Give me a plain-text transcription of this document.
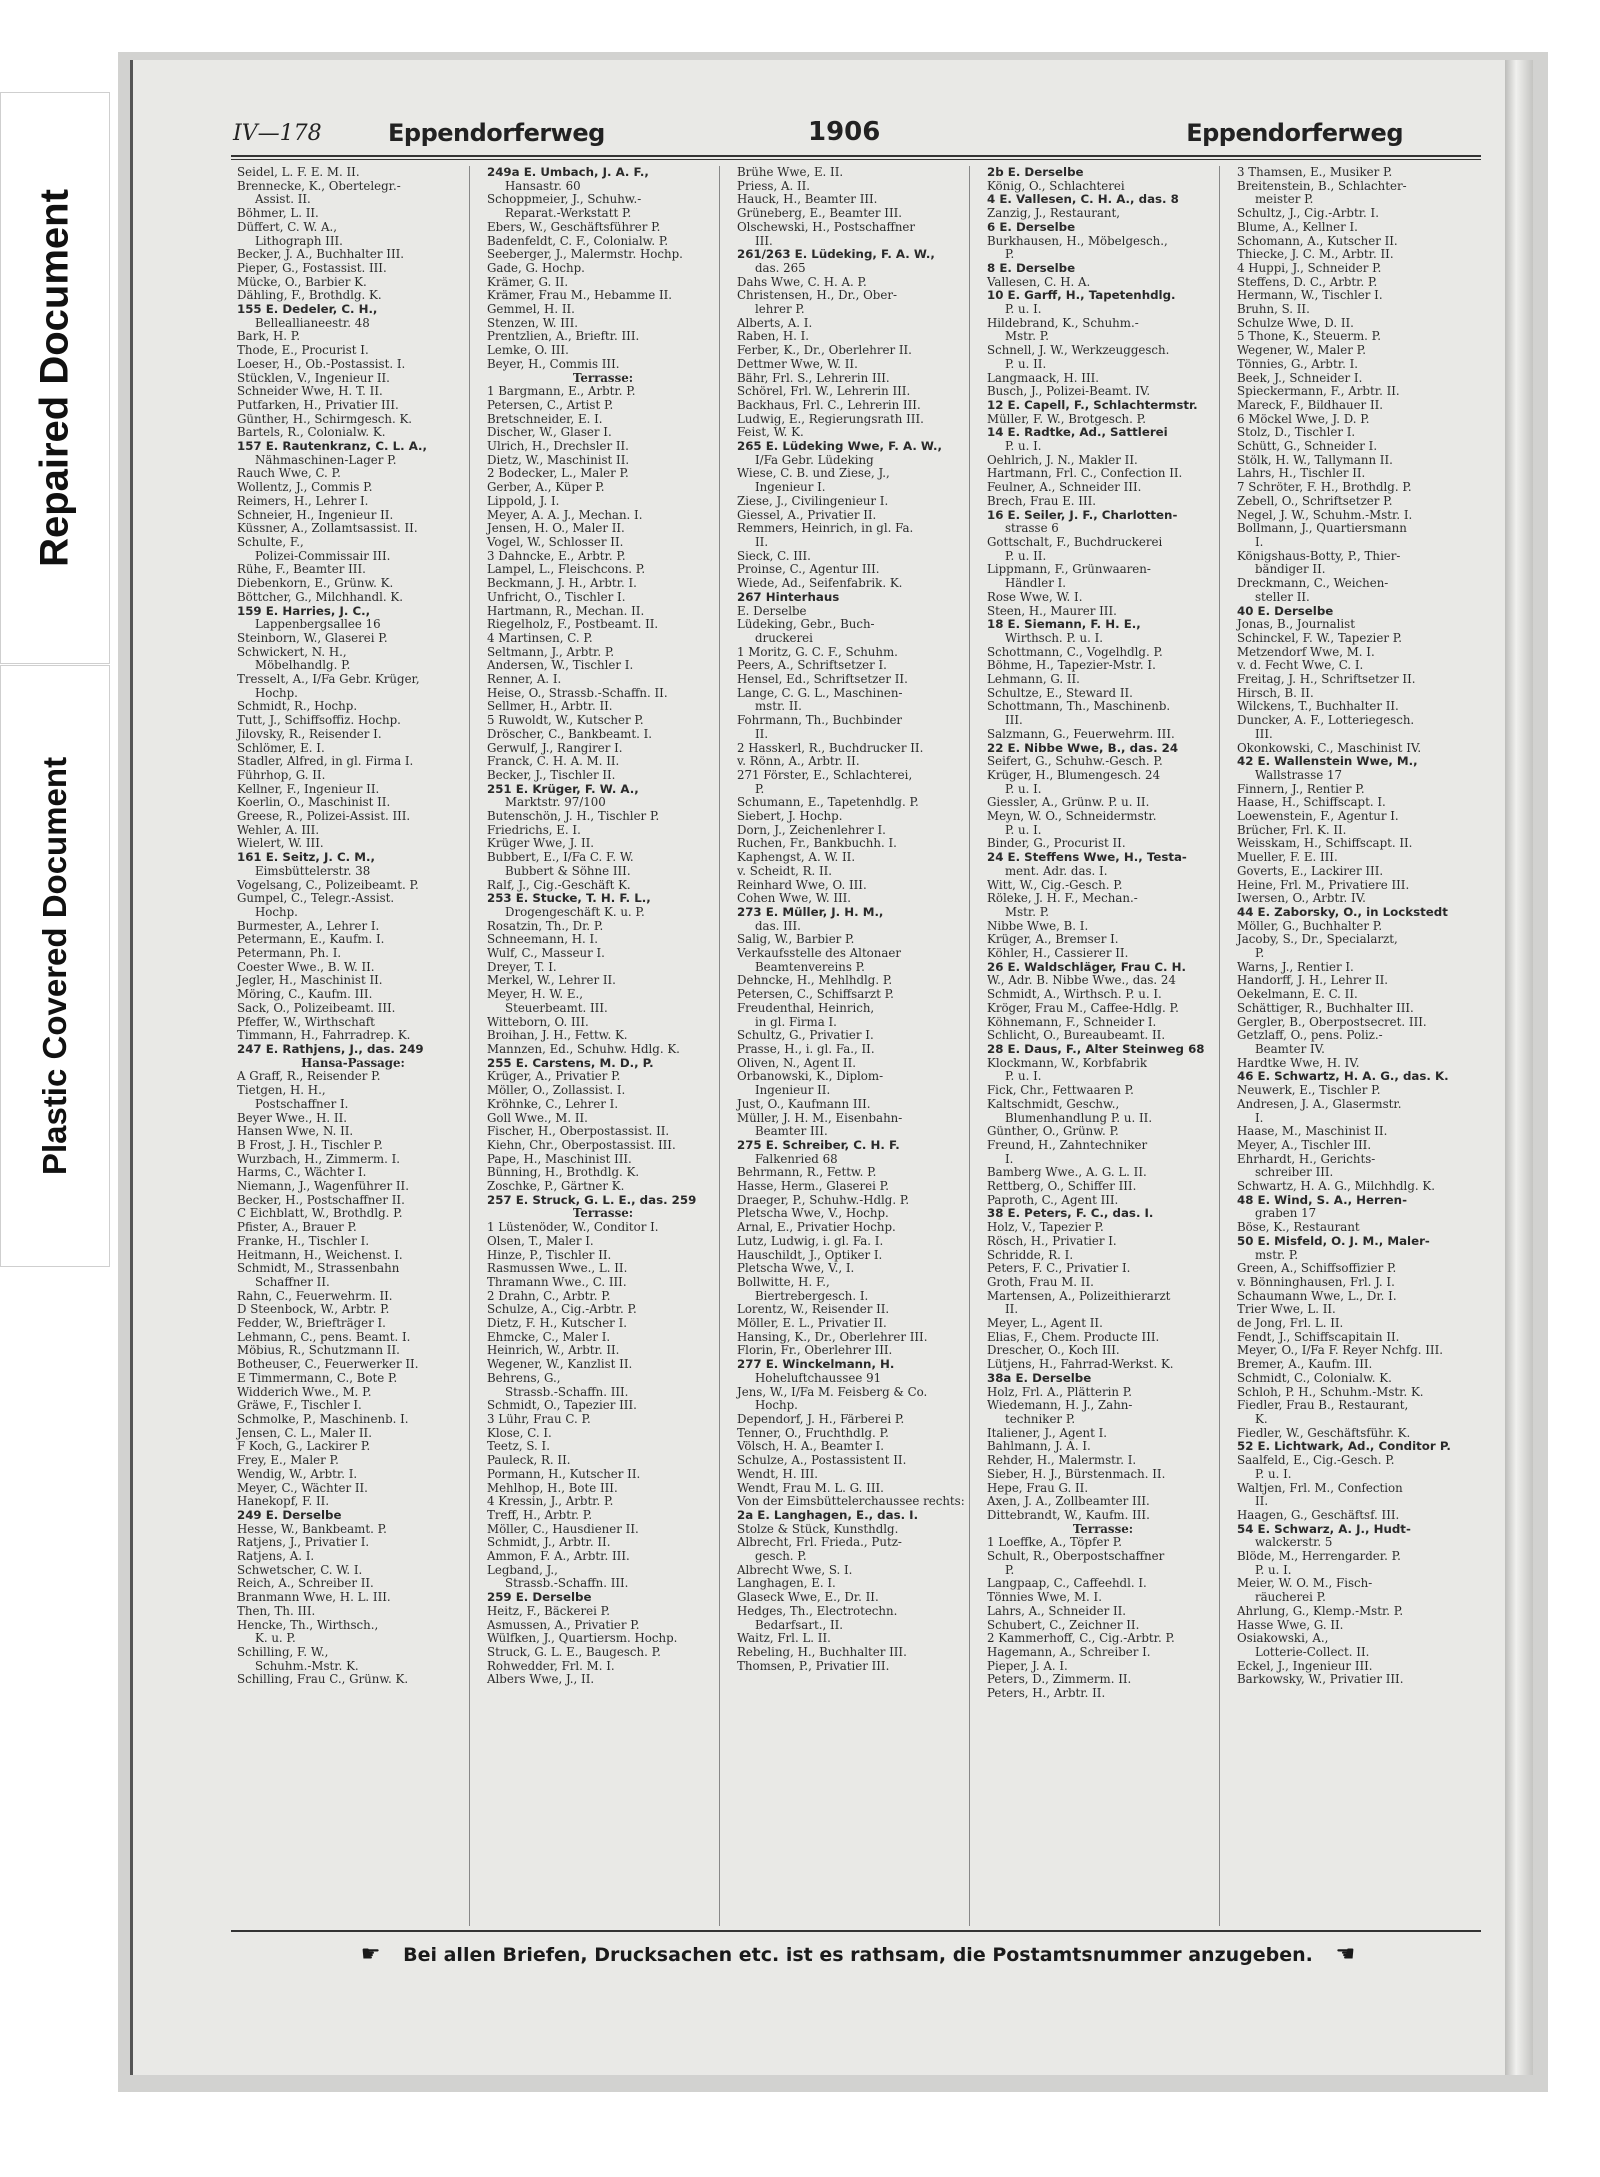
Repaired Document
Plastic Covered Document
IV—178	Eppendorferweg	1906	Eppendorferweg
Seidel, L. F. E. M. II.
Brennecke, K., Obertelegr.-
Assist. II.
Böhmer, L. II.
Düffert, C. W. A.,
Lithograph III.
Becker, J. A., Buchhalter III.
Pieper, G., Fostassist. III.
Mücke, O., Barbier K.
Dähling, F., Brothdlg. K.
155 E. Dedeler, C. H.,
Belleallianeestr. 48
Bark, H. P.
Thode, E., Procurist I.
Loeser, H., Ob.-Postassist. I.
Stücklen, V., Ingenieur II.
Schneider Wwe, H. T. II.
Putfarken, H., Privatier III.
Günther, H., Schirmgesch. K.
Bartels, R., Colonialw. K.
157 E. Rautenkranz, C. L. A.,
Nähmaschinen-Lager P.
Rauch Wwe, C. P.
Wollentz, J., Commis P.
Reimers, H., Lehrer I.
Schneier, H., Ingenieur II.
Küssner, A., Zollamtsassist. II.
Schulte, F.,
Polizei-Commissair III.
Rühe, F., Beamter III.
Diebenkorn, E., Grünw. K.
Böttcher, G., Milchhandl. K.
159 E. Harries, J. C.,
Lappenbergsallee 16
Steinborn, W., Glaserei P.
Schwickert, N. H.,
Möbelhandlg. P.
Tresselt, A., I/Fa Gebr. Krüger,
Hochp.
Schmidt, R., Hochp.
Tutt, J., Schiffsoffiz. Hochp.
Jilovsky, R., Reisender I.
Schlömer, E. I.
Stadler, Alfred, in gl. Firma I.
Führhop, G. II.
Kellner, F., Ingenieur II.
Koerlin, O., Maschinist II.
Greese, R., Polizei-Assist. III.
Wehler, A. III.
Wielert, W. III.
161 E. Seitz, J. C. M.,
Eimsbüttelerstr. 38
Vogelsang, C., Polizeibeamt. P.
Gumpel, C., Telegr.-Assist.
Hochp.
Burmester, A., Lehrer I.
Petermann, E., Kaufm. I.
Petermann, Ph. I.
Coester Wwe., B. W. II.
Jegler, H., Maschinist II.
Möring, C., Kaufm. III.
Sack, O., Polizeibeamt. III.
Pfeffer, W., Wirthschaft
Timmann, H., Fahrradrep. K.
247 E. Rathjens, J., das. 249
Hansa-Passage:
A Graff, R., Reisender P.
Tietgen, H. H.,
Postschaffner I.
Beyer Wwe., H. II.
Hansen Wwe, N. II.
B Frost, J. H., Tischler P.
Wurzbach, H., Zimmerm. I.
Harms, C., Wächter I.
Niemann, J., Wagenführer II.
Becker, H., Postschaffner II.
C Eichblatt, W., Brothdlg. P.
Pfister, A., Brauer P.
Franke, H., Tischler I.
Heitmann, H., Weichenst. I.
Schmidt, M., Strassenbahn
Schaffner II.
Rahn, C., Feuerwehrm. II.
D Steenbock, W., Arbtr. P.
Fedder, W., Briefträger I.
Lehmann, C., pens. Beamt. I.
Möbius, R., Schutzmann II.
Botheuser, C., Feuerwerker II.
E Timmermann, C., Bote P.
Widderich Wwe., M. P.
Gräwe, F., Tischler I.
Schmolke, P., Maschinenb. I.
Jensen, C. L., Maler II.
F Koch, G., Lackirer P.
Frey, E., Maler P.
Wendig, W., Arbtr. I.
Meyer, C., Wächter II.
Hanekopf, F. II.
249 E. Derselbe
Hesse, W., Bankbeamt. P.
Ratjens, J., Privatier I.
Ratjens, A. I.
Schwetscher, C. W. I.
Reich, A., Schreiber II.
Branmann Wwe, H. L. III.
Then, Th. III.
Hencke, Th., Wirthsch.,
K. u. P.
Schilling, F. W.,
Schuhm.-Mstr. K.
Schilling, Frau C., Grünw. K.
249a E. Umbach, J. A. F.,
Hansastr. 60
Schoppmeier, J., Schuhw.-
Reparat.-Werkstatt P.
Ebers, W., Geschäftsführer P.
Badenfeldt, C. F., Colonialw. P.
Seeberger, J., Malermstr. Hochp.
Gade, G. Hochp.
Krämer, G. II.
Krämer, Frau M., Hebamme II.
Gemmel, H. II.
Stenzen, W. III.
Prentzlien, A., Brieftr. III.
Lemke, O. III.
Beyer, H., Commis III.
Terrasse:
1 Bargmann, E., Arbtr. P.
Petersen, C., Artist P.
Bretschneider, E. I.
Discher, W., Glaser I.
Ulrich, H., Drechsler II.
Dietz, W., Maschinist II.
2 Bodecker, L., Maler P.
Gerber, A., Küper P.
Lippold, J. I.
Meyer, A. A. J., Mechan. I.
Jensen, H. O., Maler II.
Vogel, W., Schlosser II.
3 Dahncke, E., Arbtr. P.
Lampel, L., Fleischcons. P.
Beckmann, J. H., Arbtr. I.
Unfricht, O., Tischler I.
Hartmann, R., Mechan. II.
Riegelholz, F., Postbeamt. II.
4 Martinsen, C. P.
Seltmann, J., Arbtr. P.
Andersen, W., Tischler I.
Renner, A. I.
Heise, O., Strassb.-Schaffn. II.
Sellmer, H., Arbtr. II.
5 Ruwoldt, W., Kutscher P.
Dröscher, C., Bankbeamt. I.
Gerwulf, J., Rangirer I.
Franck, C. H. A. M. II.
Becker, J., Tischler II.
251 E. Krüger, F. W. A.,
Marktstr. 97/100
Butenschön, J. H., Tischler P.
Friedrichs, E. I.
Krüger Wwe, J. II.
Bubbert, E., I/Fa C. F. W.
Bubbert & Söhne III.
Ralf, J., Cig.-Geschäft K.
253 E. Stucke, T. H. F. L.,
Drogengeschäft K. u. P.
Rosatzin, Th., Dr. P.
Schneemann, H. I.
Wulf, C., Masseur I.
Dreyer, T. I.
Merkel, W., Lehrer II.
Meyer, H. W. E.,
Steuerbeamt. III.
Witteborn, O. III.
Broihan, J. H., Fettw. K.
Mannzen, Ed., Schuhw. Hdlg. K.
255 E. Carstens, M. D., P.
Krüger, A., Privatier P.
Möller, O., Zollassist. I.
Kröhnke, C., Lehrer I.
Goll Wwe., M. II.
Fischer, H., Oberpostassist. II.
Kiehn, Chr., Oberpostassist. III.
Pape, H., Maschinist III.
Bünning, H., Brothdlg. K.
Zoschke, P., Gärtner K.
257 E. Struck, G. L. E., das. 259
Terrasse:
1 Lüstenöder, W., Conditor I.
Olsen, T., Maler I.
Hinze, P., Tischler II.
Rasmussen Wwe., L. II.
Thramann Wwe., C. III.
2 Drahn, C., Arbtr. P.
Schulze, A., Cig.-Arbtr. P.
Dietz, F. H., Kutscher I.
Ehmcke, C., Maler I.
Heinrich, W., Arbtr. II.
Wegener, W., Kanzlist II.
Behrens, G.,
Strassb.-Schaffn. III.
Schmidt, O., Tapezier III.
3 Lühr, Frau C. P.
Klose, C. I.
Teetz, S. I.
Pauleck, R. II.
Pormann, H., Kutscher II.
Mehlhop, H., Bote III.
4 Kressin, J., Arbtr. P.
Treff, H., Arbtr. P.
Möller, C., Hausdiener II.
Schmidt, J., Arbtr. II.
Ammon, F. A., Arbtr. III.
Legband, J.,
Strassb.-Schaffn. III.
259 E. Derselbe
Heitz, F., Bäckerei P.
Asmussen, A., Privatier P.
Wülfken, J., Quartiersm. Hochp.
Struck, G. L. E., Baugesch. P.
Rohwedder, Frl. M. I.
Albers Wwe, J., II.
Brühe Wwe, E. II.
Priess, A. II.
Hauck, H., Beamter III.
Grüneberg, E., Beamter III.
Olschewski, H., Postschaffner
III.
261/263 E. Lüdeking, F. A. W.,
das. 265
Dahs Wwe, C. H. A. P.
Christensen, H., Dr., Ober-
lehrer P.
Alberts, A. I.
Raben, H. I.
Ferber, K., Dr., Oberlehrer II.
Dettmer Wwe, W. II.
Bähr, Frl. S., Lehrerin III.
Schörel, Frl. W., Lehrerin III.
Backhaus, Frl. C., Lehrerin III.
Ludwig, E., Regierungsrath III.
Feist, W. K.
265 E. Lüdeking Wwe, F. A. W.,
I/Fa Gebr. Lüdeking
Wiese, C. B. und Ziese, J.,
Ingenieur I.
Ziese, J., Civilingenieur I.
Giessel, A., Privatier II.
Remmers, Heinrich, in gl. Fa.
II.
Sieck, C. III.
Proinse, C., Agentur III.
Wiede, Ad., Seifenfabrik. K.
267 Hinterhaus
E. Derselbe
Lüdeking, Gebr., Buch-
druckerei
1 Moritz, G. C. F., Schuhm.
Peers, A., Schriftsetzer I.
Hensel, Ed., Schriftsetzer II.
Lange, C. G. L., Maschinen-
mstr. II.
Fohrmann, Th., Buchbinder
II.
2 Hasskerl, R., Buchdrucker II.
v. Rönn, A., Arbtr. II.
271 Förster, E., Schlachterei,
P.
Schumann, E., Tapetenhdlg. P.
Siebert, J. Hochp.
Dorn, J., Zeichenlehrer I.
Ruchen, Fr., Bankbuchh. I.
Kaphengst, A. W. II.
v. Scheidt, R. II.
Reinhard Wwe, O. III.
Cohen Wwe, W. III.
273 E. Müller, J. H. M.,
das. III.
Salig, W., Barbier P.
Verkaufsstelle des Altonaer
Beamtenvereins P.
Dehncke, H., Mehlhdlg. P.
Petersen, C., Schiffsarzt P.
Freudenthal, Heinrich,
in gl. Firma I.
Schultz, G., Privatier I.
Prasse, H., i. gl. Fa., II.
Oliven, N., Agent II.
Orbanowski, K., Diplom-
Ingenieur II.
Just, O., Kaufmann III.
Müller, J. H. M., Eisenbahn-
Beamter III.
275 E. Schreiber, C. H. F.
Falkenried 68
Behrmann, R., Fettw. P.
Hasse, Herm., Glaserei P.
Draeger, P., Schuhw.-Hdlg. P.
Pletscha Wwe, V., Hochp.
Arnal, E., Privatier Hochp.
Lutz, Ludwig, i. gl. Fa. I.
Hauschildt, J., Optiker I.
Pletscha Wwe, V., I.
Bollwitte, H. F.,
Biertrebergesch. I.
Lorentz, W., Reisender II.
Möller, E. L., Privatier II.
Hansing, K., Dr., Oberlehrer III.
Florin, Fr., Oberlehrer III.
277 E. Winckelmann, H.
Hoheluftchaussee 91
Jens, W., I/Fa M. Feisberg & Co.
Hochp.
Dependorf, J. H., Färberei P.
Tenner, O., Fruchthdlg. P.
Völsch, H. A., Beamter I.
Schulze, A., Postassistent II.
Wendt, H. III.
Wendt, Frau M. L. G. III.
Von der Eimsbüttelerchaussee rechts:
2a E. Langhagen, E., das. I.
Stolze & Stück, Kunsthdlg.
Albrecht, Frl. Frieda., Putz-
gesch. P.
Albrecht Wwe, S. I.
Langhagen, E. I.
Glaseck Wwe, E., Dr. II.
Hedges, Th., Electrotechn.
Bedarfsart., II.
Waitz, Frl. L. II.
Rebeling, H., Buchhalter III.
Thomsen, P., Privatier III.
2b E. Derselbe
König, O., Schlachterei
4 E. Vallesen, C. H. A., das. 8
Zanzig, J., Restaurant,
6 E. Derselbe
Burkhausen, H., Möbelgesch.,
P.
8 E. Derselbe
Vallesen, C. H. A.
10 E. Garff, H., Tapetenhdlg.
P. u. I.
Hildebrand, K., Schuhm.-
Mstr. P.
Schnell, J. W., Werkzeuggesch.
P. u. II.
Langmaack, H. III.
Busch, J., Polizei-Beamt. IV.
12 E. Capell, F., Schlachtermstr.
Müller, F. W., Brotgesch. P.
14 E. Radtke, Ad., Sattlerei
P. u. I.
Oehlrich, J. N., Makler II.
Hartmann, Frl. C., Confection II.
Feulner, A., Schneider III.
Brech, Frau E. III.
16 E. Seiler, J. F., Charlotten-
strasse 6
Gottschalt, F., Buchdruckerei
P. u. II.
Lippmann, F., Grünwaaren-
Händler I.
Rose Wwe, W. I.
Steen, H., Maurer III.
18 E. Siemann, F. H. E.,
Wirthsch. P. u. I.
Schottmann, C., Vogelhdlg. P.
Böhme, H., Tapezier-Mstr. I.
Lehmann, G. II.
Schultze, E., Steward II.
Schottmann, Th., Maschinenb.
III.
Salzmann, G., Feuerwehrm. III.
22 E. Nibbe Wwe, B., das. 24
Seifert, G., Schuhw.-Gesch. P.
Krüger, H., Blumengesch. 24
P. u. I.
Giessler, A., Grünw. P. u. II.
Meyn, W. O., Schneidermstr.
P. u. I.
Binder, G., Procurist II.
24 E. Steffens Wwe, H., Testa-
ment. Adr. das. I.
Witt, W., Cig.-Gesch. P.
Röleke, J. H. F., Mechan.-
Mstr. P.
Nibbe Wwe, B. I.
Krüger, A., Bremser I.
Köhler, H., Cassierer II.
26 E. Waldschläger, Frau C. H.
W., Adr. B. Nibbe Wwe., das. 24
Schmidt, A., Wirthsch. P. u. I.
Kröger, Frau M., Caffee-Hdlg. P.
Köhnemann, F., Schneider I.
Schlicht, O., Bureaubeamt. II.
28 E. Daus, F., Alter Steinweg 68
Klockmann, W., Korbfabrik
P. u. I.
Fick, Chr., Fettwaaren P.
Kaltschmidt, Geschw.,
Blumenhandlung P. u. II.
Günther, O., Grünw. P.
Freund, H., Zahntechniker
I.
Bamberg Wwe., A. G. L. II.
Rettberg, O., Schiffer III.
Paproth, C., Agent III.
38 E. Peters, F. C., das. I.
Holz, V., Tapezier P.
Rösch, H., Privatier I.
Schridde, R. I.
Peters, F. C., Privatier I.
Groth, Frau M. II.
Martensen, A., Polizeithierarzt
II.
Meyer, L., Agent II.
Elias, F., Chem. Producte III.
Drescher, O., Koch III.
Lütjens, H., Fahrrad-Werkst. K.
38a E. Derselbe
Holz, Frl. A., Plätterin P.
Wiedemann, H. J., Zahn-
techniker P.
Italiener, J., Agent I.
Bahlmann, J. A. I.
Rehder, H., Malermstr. I.
Sieber, H. J., Bürstenmach. II.
Hepe, Frau G. II.
Axen, J. A., Zollbeamter III.
Dittebrandt, W., Kaufm. III.
Terrasse:
1 Loeffke, A., Töpfer P.
Schult, R., Oberpostschaffner
P.
Langpaap, C., Caffeehdl. I.
Tönnies Wwe, M. I.
Lahrs, A., Schneider II.
Schubert, C., Zeichner II.
2 Kammerhoff, C., Cig.-Arbtr. P.
Hagemann, A., Schreiber I.
Pieper, J. A. I.
Peters, D., Zimmerm. II.
Peters, H., Arbtr. II.
3 Thamsen, E., Musiker P.
Breitenstein, B., Schlachter-
meister P.
Schultz, J., Cig.-Arbtr. I.
Blume, A., Kellner I.
Schomann, A., Kutscher II.
Thiecke, J. C. M., Arbtr. II.
4 Huppi, J., Schneider P.
Steffens, D. C., Arbtr. P.
Hermann, W., Tischler I.
Bruhn, S. II.
Schulze Wwe, D. II.
5 Thone, K., Steuerm. P.
Wegener, W., Maler P.
Tönnies, G., Arbtr. I.
Beek, J., Schneider I.
Spieckermann, F., Arbtr. II.
Mareck, F., Bildhauer II.
6 Möckel Wwe, J. D. P.
Stolz, D., Tischler I.
Schütt, G., Schneider I.
Stölk, H. W., Tallymann II.
Lahrs, H., Tischler II.
7 Schröter, F. H., Brothdlg. P.
Zebell, O., Schriftsetzer P.
Negel, J. W., Schuhm.-Mstr. I.
Bollmann, J., Quartiersmann
I.
Königshaus-Botty, P., Thier-
bändiger II.
Dreckmann, C., Weichen-
steller II.
40 E. Derselbe
Jonas, B., Journalist
Schinckel, F. W., Tapezier P.
Metzendorf Wwe, M. I.
v. d. Fecht Wwe, C. I.
Freitag, J. H., Schriftsetzer II.
Hirsch, B. II.
Wilckens, T., Buchhalter II.
Duncker, A. F., Lotteriegesch.
III.
Okonkowski, C., Maschinist IV.
42 E. Wallenstein Wwe, M.,
Wallstrasse 17
Finnern, J., Rentier P.
Haase, H., Schiffscapt. I.
Loewenstein, F., Agentur I.
Brücher, Frl. K. II.
Weisskam, H., Schiffscapt. II.
Mueller, F. E. III.
Goverts, E., Lackirer III.
Heine, Frl. M., Privatiere III.
Iwersen, O., Arbtr. IV.
44 E. Zaborsky, O., in Lockstedt
Möller, G., Buchhalter P.
Jacoby, S., Dr., Specialarzt,
P.
Warns, J., Rentier I.
Handorff, J. H., Lehrer II.
Oekelmann, E. C. II.
Schättiger, R., Buchhalter III.
Gergler, B., Oberpostsecret. III.
Getzlaff, O., pens. Poliz.-
Beamter IV.
Hardtke Wwe, H. IV.
46 E. Schwartz, H. A. G., das. K.
Neuwerk, E., Tischler P.
Andresen, J. A., Glasermstr.
I.
Haase, M., Maschinist II.
Meyer, A., Tischler III.
Ehrhardt, H., Gerichts-
schreiber III.
Schwartz, H. A. G., Milchhdlg. K.
48 E. Wind, S. A., Herren-
graben 17
Böse, K., Restaurant
50 E. Misfeld, O. J. M., Maler-
mstr. P.
Green, A., Schiffsoffizier P.
v. Bönninghausen, Frl. J. I.
Schaumann Wwe, L., Dr. I.
Trier Wwe, L. II.
de Jong, Frl. L. II.
Fendt, J., Schiffscapitain II.
Meyer, O., I/Fa F. Reyer Nchfg. III.
Bremer, A., Kaufm. III.
Schmidt, C., Colonialw. K.
Schloh, P. H., Schuhm.-Mstr. K.
Fiedler, Frau B., Restaurant,
K.
Fiedler, W., Geschäftsführ. K.
52 E. Lichtwark, Ad., Conditor P.
Saalfeld, E., Cig.-Gesch. P.
P. u. I.
Waltjen, Frl. M., Confection
II.
Haagen, G., Geschäftsf. III.
54 E. Schwarz, A. J., Hudt-
walckerstr. 5
Blöde, M., Herrengarder. P.
P. u. I.
Meier, W. O. M., Fisch-
räucherei P.
Ahrlung, G., Klemp.-Mstr. P.
Hasse Wwe, G. II.
Osiakowski, A.,
Lotterie-Collect. II.
Eckel, J., Ingenieur III.
Barkowsky, W., Privatier III.
☛ Bei allen Briefen, Drucksachen etc. ist es rathsam, die Postamtsnummer anzugeben. ☚
